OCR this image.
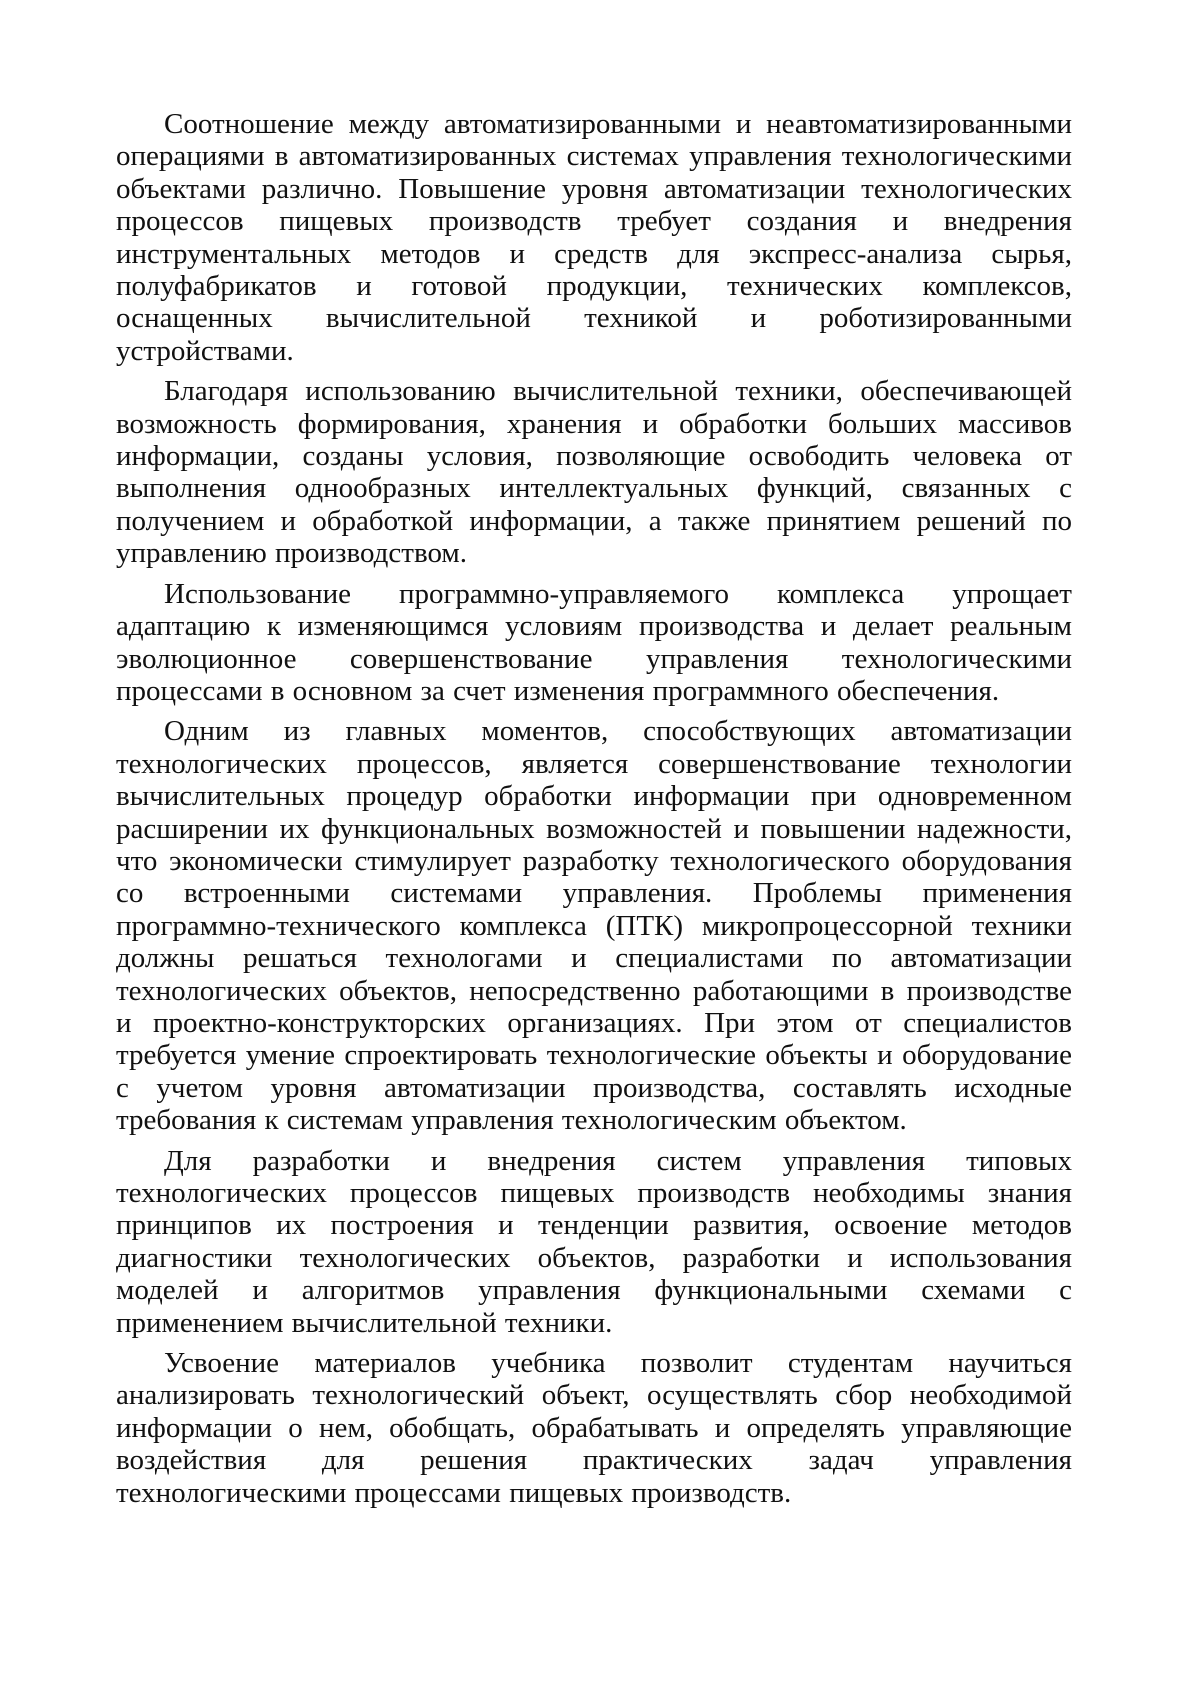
Соотношение между автоматизированными и неавтоматизированными операциями в автоматизированных системах управления технологическими объектами различно. Повышение уровня автоматизации технологических процессов пищевых производств требует создания и внедрения инструментальных методов и средств для экспресс-анализа сырья, полуфабрикатов и готовой продукции, технических комплексов, оснащенных вычислительной техникой и роботизированными устройствами.

Благодаря использованию вычислительной техники, обеспечивающей возможность формирования, хранения и обработки больших массивов информации, созданы условия, позволяющие освободить человека от выполнения однообразных интеллектуальных функций, связанных с получением и обработкой информации, а также принятием решений по управлению производством.

Использование программно-управляемого комплекса упрощает адаптацию к изменяющимся условиям производства и делает реальным эволюционное совершенствование управления технологическими процессами в основном за счет изменения программного обеспечения.

Одним из главных моментов, способствующих автоматизации технологических процессов, является совершенствование технологии вычислительных процедур обработки информации при одновременном расширении их функциональных возможностей и повышении надежности, что экономически стимулирует разработку технологического оборудования со встроенными системами управления. Проблемы применения программно-технического комплекса (ПТК) микропроцессорной техники должны решаться технологами и специалистами по автоматизации технологических объектов, непосредственно работающими в производстве и проектно-конструкторских организациях. При этом от специалистов требуется умение спроектировать технологические объекты и оборудование с учетом уровня автоматизации производства, составлять исходные требования к системам управления технологическим объектом.

Для разработки и внедрения систем управления типовых технологических процессов пищевых производств необходимы знания принципов их построения и тенденции развития, освоение методов диагностики технологических объектов, разработки и использования моделей и алгоритмов управления функциональными схемами с применением вычислительной техники.

Усвоение материалов учебника позволит студентам научиться анализировать технологический объект, осуществлять сбор необходимой информации о нем, обобщать, обрабатывать и определять управляющие воздействия для решения практических задач управления технологическими процессами пищевых производств.
